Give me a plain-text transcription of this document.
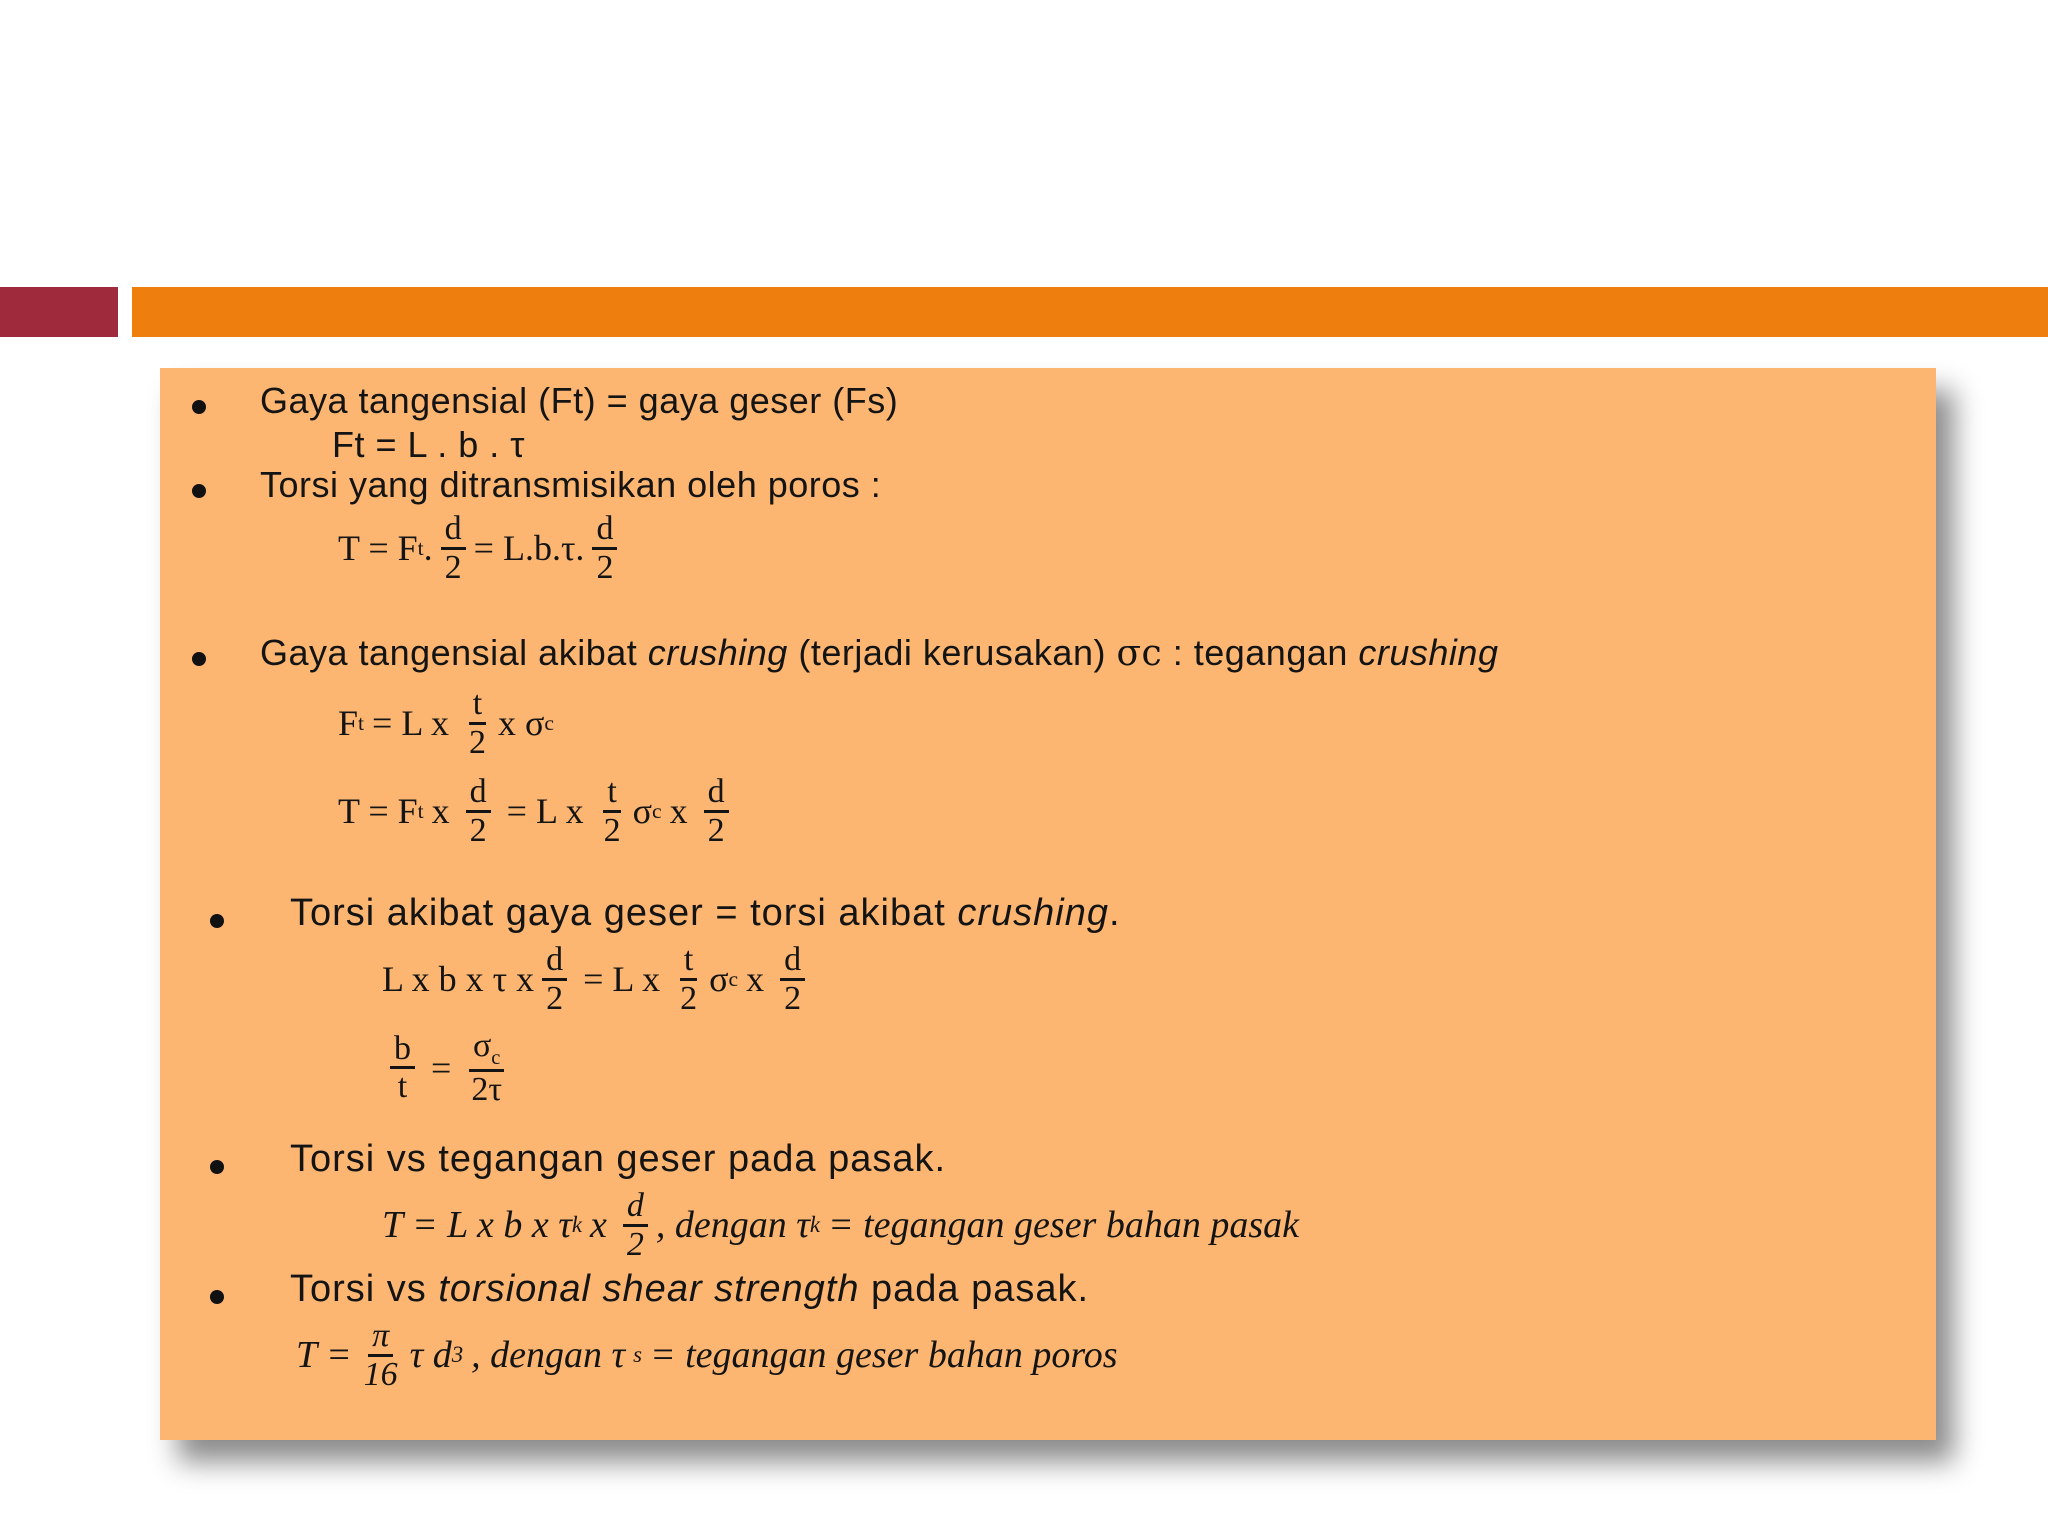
Gaya tangensial (Ft) = gaya geser (Fs)
Ft = L . b . τ
Torsi yang ditransmisikan oleh poros :
T = F t . $\frac{d}{2} = L.b.\tau$. $\frac{d}{2}$
Gaya tangensial akibat crushing (terjadi kerusakan) σc : tegangan crushing
F t = L x $\frac{t}{2}$ x σ c
T = F t x $\frac{d}{2} = L$ x $\frac{t}{2}$ σ c x $\frac{d}{2}$
Torsi akibat gaya geser = torsi akibat crushing.
L x b x τ x $\frac{d}{2} = L$ x $\frac{t}{2}$ σ c x $\frac{d}{2}$
$\frac{b}{t} = \frac{\sigma_c}{2\tau}$
Torsi vs tegangan geser pada pasak.
T = L x b x τ k x $\frac{d}{2}$ , dengan τ k = tegangan geser bahan pasak
Torsi vs torsional shear strength pada pasak.
$T = \frac{\pi}{16}$ τ d 3 , dengan τ s = tegangan geser bahan poros
